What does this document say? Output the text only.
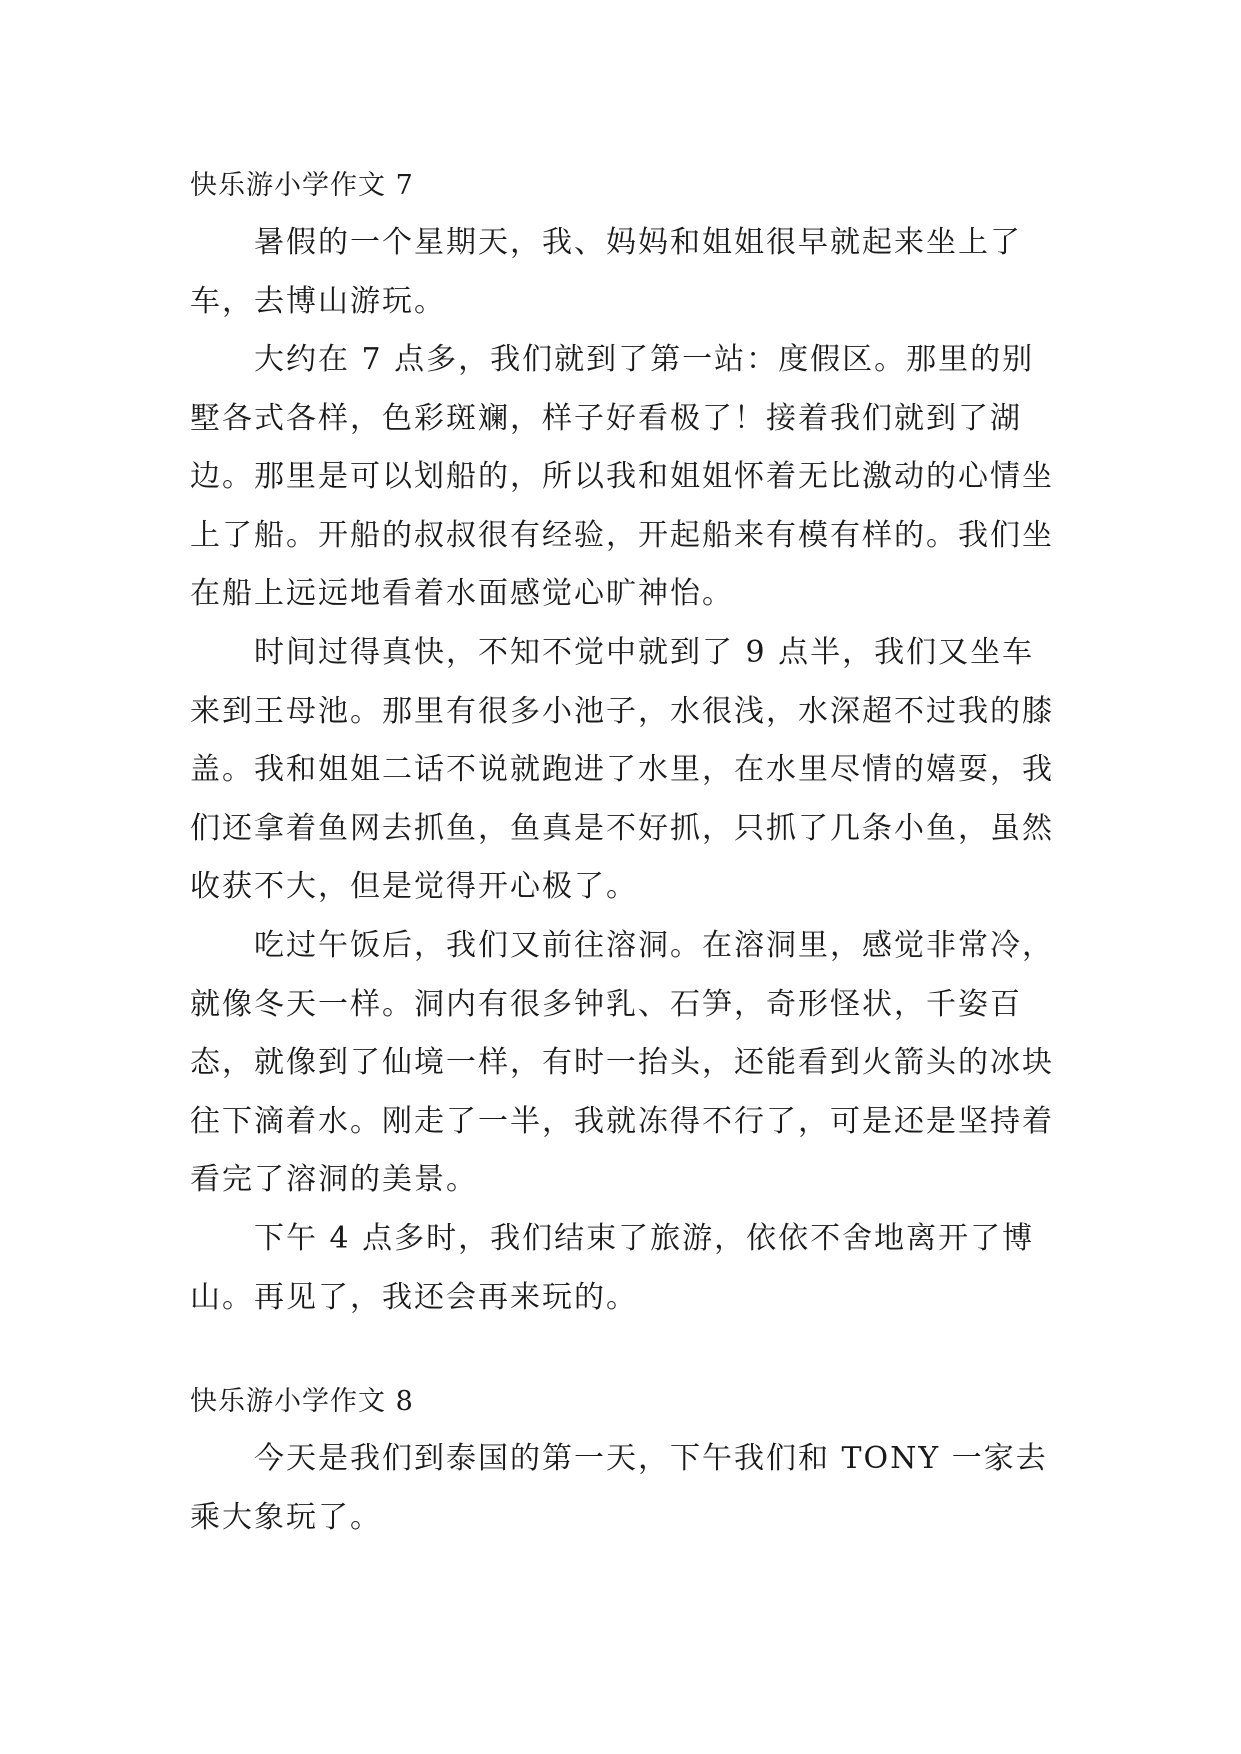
快乐游小学作文 7

暑假的一个星期天，我、妈妈和姐姐很早就起来坐上了车，去博山游玩。

大约在 7 点多，我们就到了第一站：度假区。那里的别墅各式各样，色彩斑斓，样子好看极了！接着我们就到了湖边。那里是可以划船的，所以我和姐姐怀着无比激动的心情坐上了船。开船的叔叔很有经验，开起船来有模有样的。我们坐在船上远远地看着水面感觉心旷神怡。

时间过得真快，不知不觉中就到了 9 点半，我们又坐车来到王母池。那里有很多小池子，水很浅，水深超不过我的膝盖。我和姐姐二话不说就跑进了水里，在水里尽情的嬉耍，我们还拿着鱼网去抓鱼，鱼真是不好抓，只抓了几条小鱼，虽然收获不大，但是觉得开心极了。

吃过午饭后，我们又前往溶洞。在溶洞里，感觉非常冷，就像冬天一样。洞内有很多钟乳、石笋，奇形怪状，千姿百态，就像到了仙境一样，有时一抬头，还能看到火箭头的冰块往下滴着水。刚走了一半，我就冻得不行了，可是还是坚持着看完了溶洞的美景。

下午 4 点多时，我们结束了旅游，依依不舍地离开了博山。再见了，我还会再来玩的。

快乐游小学作文 8

今天是我们到泰国的第一天，下午我们和 TONY 一家去乘大象玩了。
